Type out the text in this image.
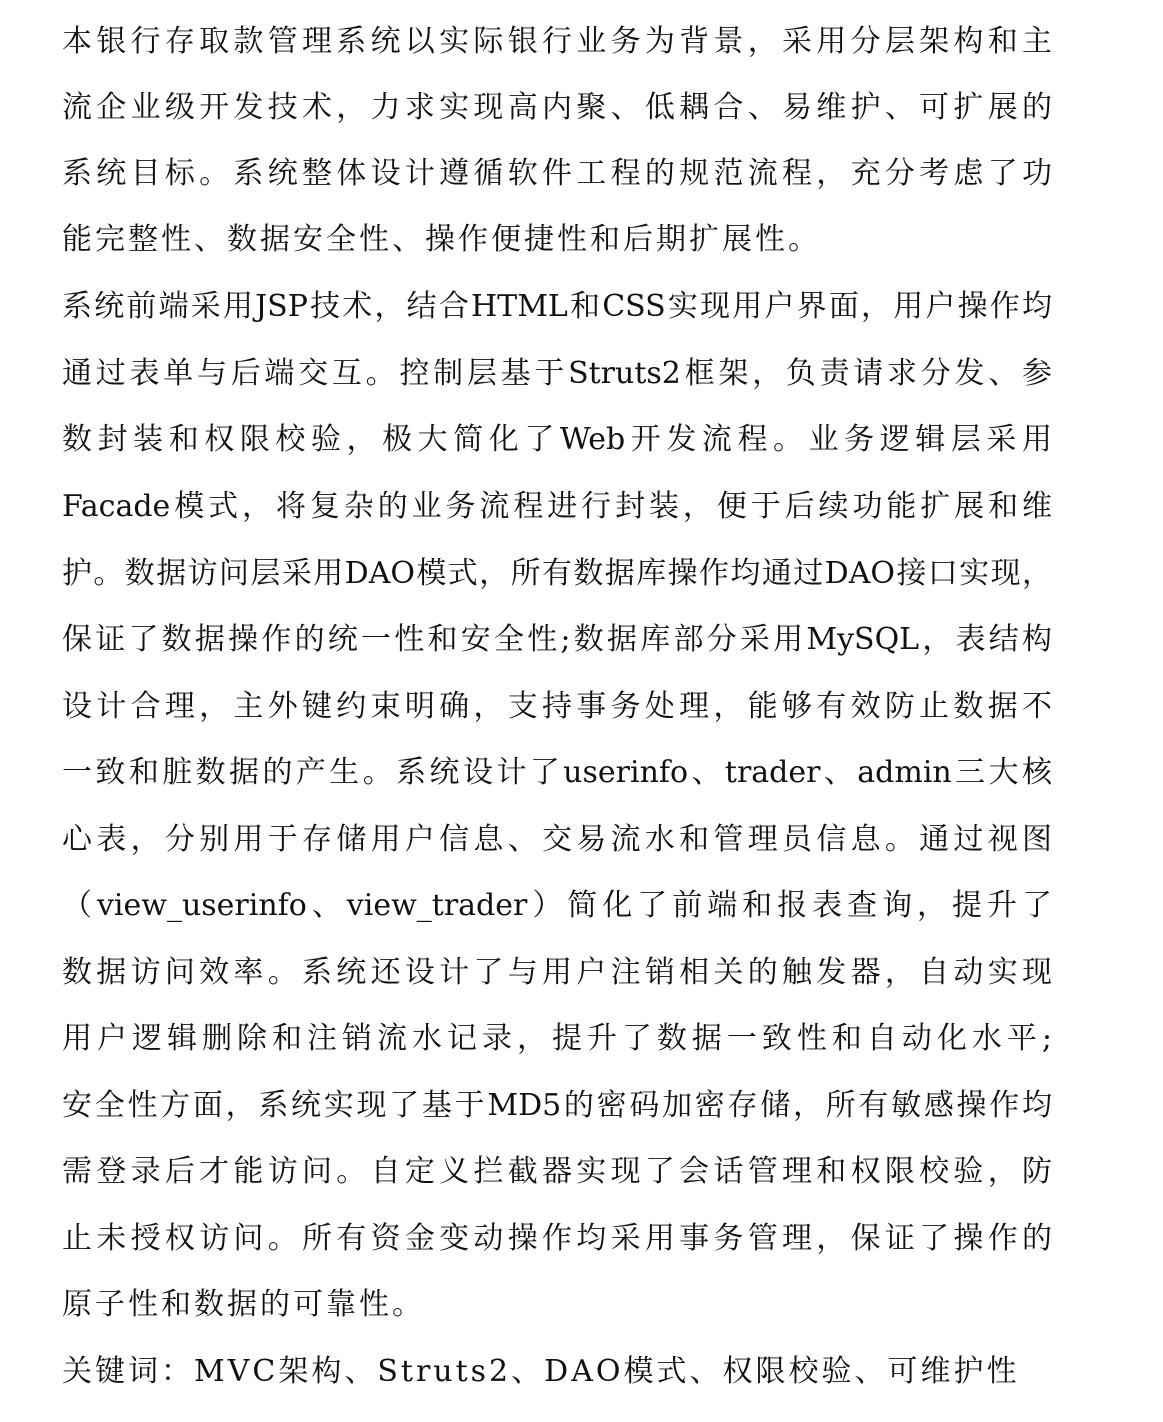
本银行存取款管理系统以实际银行业务为背景，采用分层架构和主
流企业级开发技术，力求实现高内聚、低耦合、易维护、可扩展的
系统目标。系统整体设计遵循软件工程的规范流程，充分考虑了功
能完整性、数据安全性、操作便捷性和后期扩展性。
系统前端采用JSP技术，结合HTML和CSS实现用户界面，用户操作均
通过表单与后端交互。控制层基于Struts2框架，负责请求分发、参
数封装和权限校验，极大简化了Web开发流程。业务逻辑层采用
Facade模式，将复杂的业务流程进行封装，便于后续功能扩展和维
护。数据访问层采用DAO模式，所有数据库操作均通过DAO接口实现，
保证了数据操作的统一性和安全性;数据库部分采用MySQL，表结构
设计合理，主外键约束明确，支持事务处理，能够有效防止数据不
一致和脏数据的产生。系统设计了userinfo、trader、admin三大核
心表，分别用于存储用户信息、交易流水和管理员信息。通过视图
（view_userinfo、view_trader）简化了前端和报表查询，提升了
数据访问效率。系统还设计了与用户注销相关的触发器，自动实现
用户逻辑删除和注销流水记录，提升了数据一致性和自动化水平;
安全性方面，系统实现了基于MD5的密码加密存储，所有敏感操作均
需登录后才能访问。自定义拦截器实现了会话管理和权限校验，防
止未授权访问。所有资金变动操作均采用事务管理，保证了操作的
原子性和数据的可靠性。
关键词：MVC架构、Struts2、DAO模式、权限校验、可维护性
